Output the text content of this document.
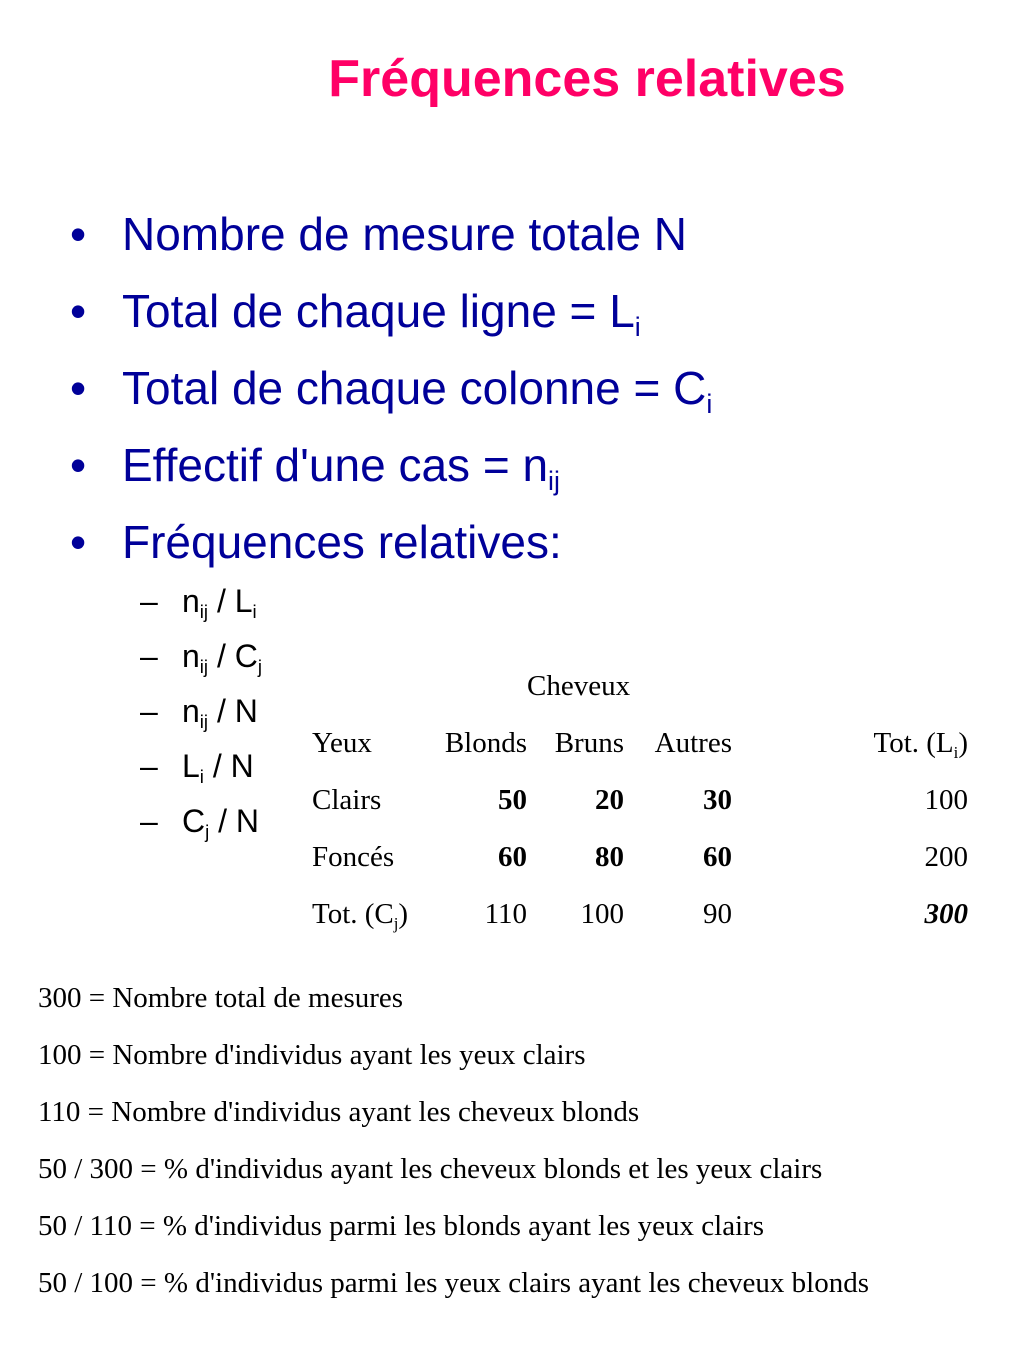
Fréquences relatives
• Nombre de mesure totale N
• Total de chaque ligne = $L_i$
• Total de chaque colonne = $C_i$
• Effectif d'une cas = $n_{ij}$
• Fréquences relatives:
– $n_{ij} / L_i$
– $n_{ij} / C_j$
– $n_{ij}$ / N
– $L_i$ / N
– $C_j$ / N
Cheveux
Yeux	Blonds	Bruns	Autres	Tot. $(L_i)$
Clairs	50	20	30	100
Foncés	60	80	60	200
Tot. $(C_j)$	110	100	90	300
300 = Nombre total de mesures
100 = Nombre d'individus ayant les yeux clairs
110 = Nombre d'individus ayant les cheveux blonds
50 / 300 = % d'individus ayant les cheveux blonds et les yeux clairs
50 / 110 = % d'individus parmi les blonds ayant les yeux clairs
50 / 100 = % d'individus parmi les yeux clairs ayant les cheveux blonds
